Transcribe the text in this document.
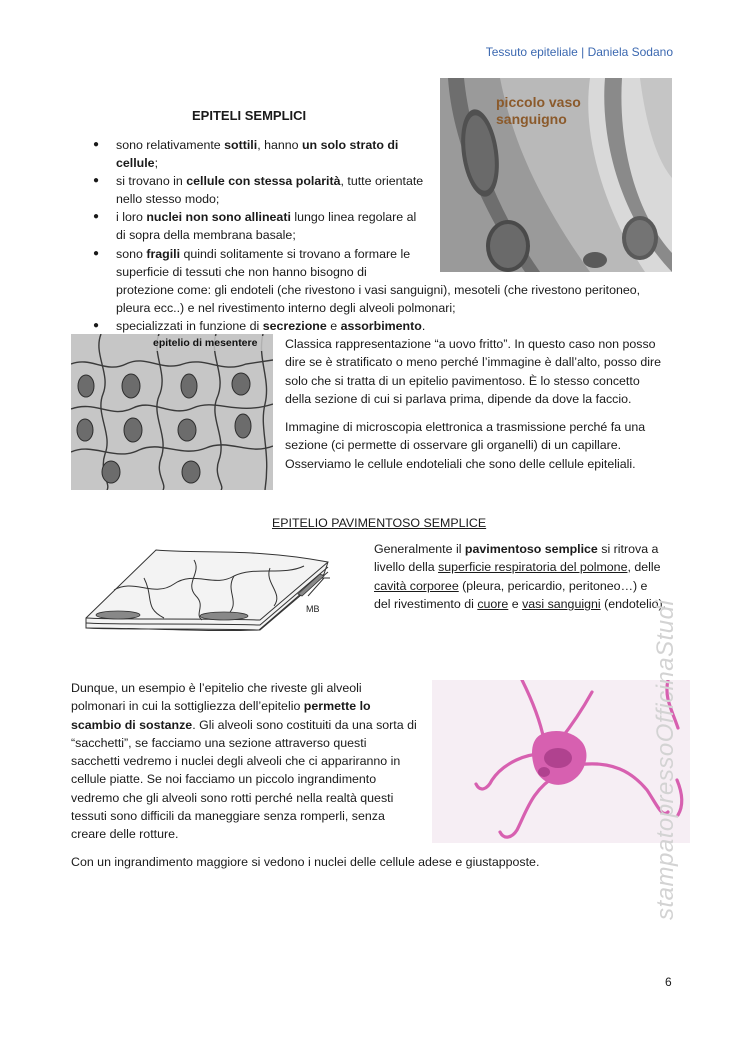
Tessuto epiteliale | Daniela Sodano
EPITELI SEMPLICI
● sono relativamente sottili, hanno un solo strato di
cellule;
● si trovano in cellule con stessa polarità, tutte orientate
nello stesso modo;
● i loro nuclei non sono allineati lungo linea regolare al
di sopra della membrana basale;
● sono fragili quindi solitamente si trovano a formare le
superficie di tessuti che non hanno bisogno di
protezione come: gli endoteli (che rivestono i vasi sanguigni), mesoteli (che rivestono peritoneo,
pleura ecc..) e nel rivestimento interno degli alveoli polmonari;
● specializzati in funzione di secrezione e assorbimento.
piccolo vaso
sanguigno
epitelio di mesentere Classica rappresentazione “a uovo fritto”. In questo caso non posso
dire se è stratificato o meno perché l’immagine è dall’alto, posso dire
solo che si tratta di un epitelio pavimentoso. È lo stesso concetto
della sezione di cui si parlava prima, dipende da dove la faccio.
Immagine di microscopia elettronica a trasmissione perché fa una
sezione (ci permette di osservare gli organelli) di un capillare.
Osserviamo le cellule endoteliali che sono delle cellule epiteliali.
EPITELIO PAVIMENTOSO SEMPLICE
MB
Generalmente il pavimentoso semplice si ritrova a
livello della superficie respiratoria del polmone, delle
cavità corporee (pleura, pericardio, peritoneo…) e
del rivestimento di cuore e vasi sanguigni (endotelio).
Dunque, un esempio è l’epitelio che riveste gli alveoli
polmonari in cui la sottigliezza dell’epitelio permette lo
scambio di sostanze. Gli alveoli sono costituiti da una sorta di
“sacchetti”, se facciamo una sezione attraverso questi
sacchetti vedremo i nuclei degli alveoli che ci appariranno in
cellule piatte. Se noi facciamo un piccolo ingrandimento
vedremo che gli alveoli sono rotti perché nella realtà questi
tessuti sono difficili da maneggiare senza romperli, senza
creare delle rotture.
Con un ingrandimento maggiore si vedono i nuclei delle cellule adese e giustapposte.	stampatopressoOfficinaStudi
6
